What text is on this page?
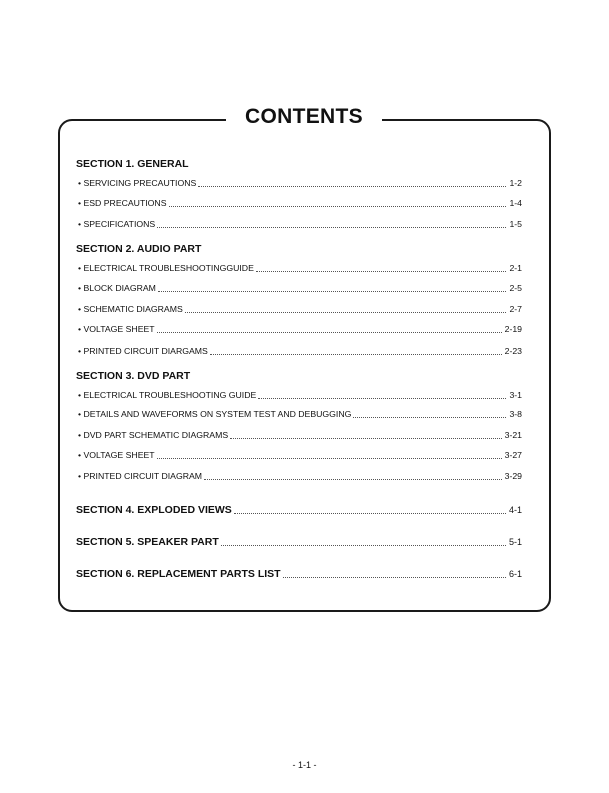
CONTENTS
SECTION 1. GENERAL
• SERVICING PRECAUTIONS	1-2
• ESD PRECAUTIONS	1-4
• SPECIFICATIONS	1-5
SECTION 2. AUDIO PART
• ELECTRICAL TROUBLESHOOTINGGUIDE	2-1
• BLOCK DIAGRAM	2-5
• SCHEMATIC DIAGRAMS	2-7
• VOLTAGE SHEET	2-19
• PRINTED CIRCUIT DIARGAMS	2-23
SECTION 3. DVD PART
• ELECTRICAL TROUBLESHOOTING GUIDE	3-1
• DETAILS AND WAVEFORMS ON SYSTEM TEST AND DEBUGGING	3-8
• DVD PART SCHEMATIC DIAGRAMS	3-21
• VOLTAGE SHEET	3-27
• PRINTED CIRCUIT DIAGRAM	3-29
SECTION 4. EXPLODED VIEWS	4-1
SECTION 5. SPEAKER PART	5-1
SECTION 6. REPLACEMENT PARTS LIST	6-1
- 1-1 -
